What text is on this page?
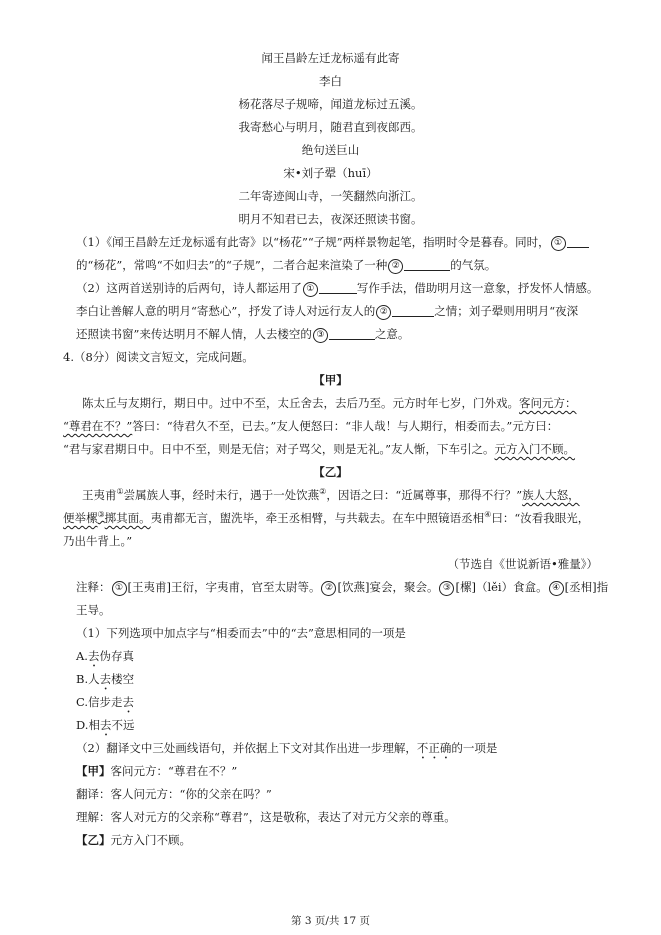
闻王昌龄左迁龙标遥有此寄
李白
杨花落尽子规啼，闻道龙标过五溪。
我寄愁心与明月，随君直到夜郎西。
绝句送巨山
宋•刘子翚（huī）
二年寄迹闽山寺，一笑翻然向浙江。
明月不知君已去，夜深还照读书窗。
（1）《闻王昌龄左迁龙标遥有此寄》以“杨花”“子规”两样景物起笔，指明时令是暮春。同时， ①
的“杨花”，常鸣“不如归去”的“子规”，二者合起来渲染了一种 ②	的气氛。
（2）这两首送别诗的后两句，诗人都运用了 ①	写作手法，借助明月这一意象，抒发怀人情感。
李白让善解人意的明月“寄愁心”，抒发了诗人对远行友人的 ②	之情；刘子翚则用明月“夜深
还照读书窗”来传达明月不解人情，人去楼空的 ③	之意。
4.（8分）阅读文言短文，完成问题。
【甲】
陈太丘与友期行，期日中。过中不至，太丘舍去，去后乃至。元方时年七岁，门外戏。客问元方：
“尊君在不？”答曰：“待君久不至，已去。”友人便怒曰：“非人哉！与人期行，相委而去。”元方曰：
“君与家君期日中。日中不至，则是无信；对子骂父，则是无礼。”友人惭，下车引之。元方入门不顾。
【乙】
王夷甫①尝属族人事，经时未行，遇于一处饮燕②，因语之曰：“近属尊事，那得不行？”族人大怒，
便举樏③掷其面。夷甫都无言，盥洗毕，牵王丞相臂，与共载去。在车中照镜语丞相④曰：“汝看我眼光，
乃出牛背上。”
（节选自《世说新语•雅量》）
注释： ① [王夷甫]王衍，字夷甫，官至太尉等。 ② [饮燕]宴会，聚会。 ③ [樏]（lěi）食盒。 ④ [丞相]指
王导。
（1）下列选项中加点字与“相委而去”中的“去”意思相同的一项是
A.去伪存真
B.人去楼空
C.信步走去
D.相去不远
（2）翻译文中三处画线语句，并依据上下文对其作出进一步理解，不正确的一项是
【甲】客问元方：“尊君在不？”
翻译：客人问元方：“你的父亲在吗？”
理解：客人对元方的父亲称“尊君”，这是敬称，表达了对元方父亲的尊重。
【乙】元方入门不顾。
第 3 页/共 17 页
